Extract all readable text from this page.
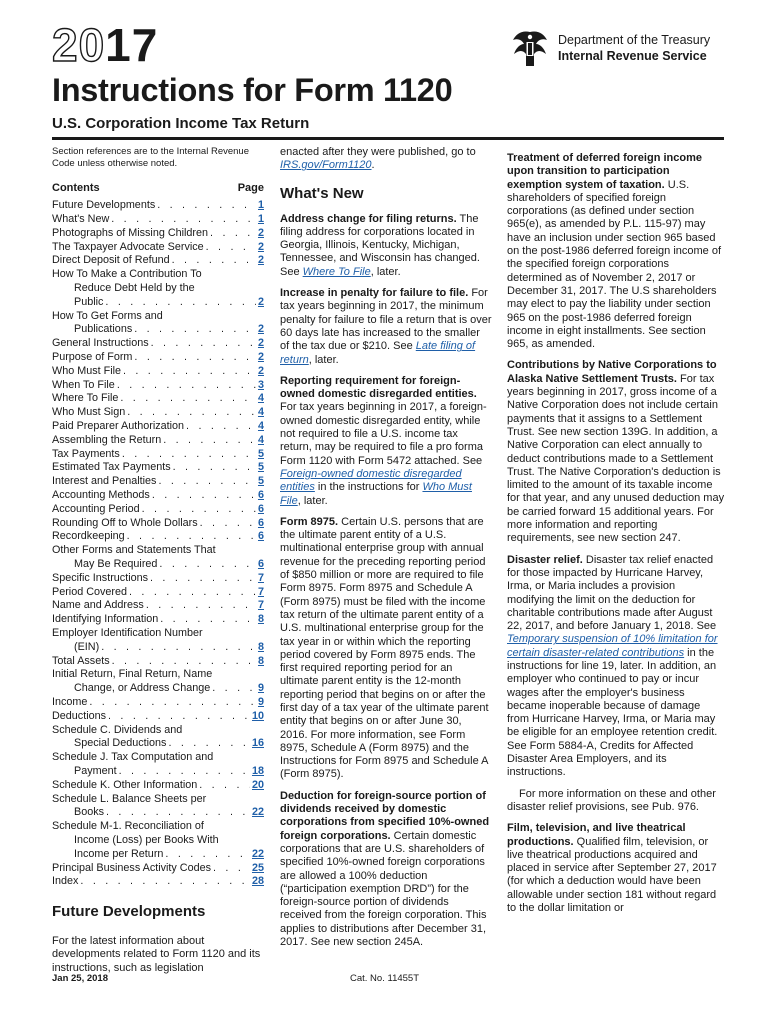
2017	Department of the Treasury
Internal Revenue Service
Instructions for Form 1120
U.S. Corporation Income Tax Return
Section references are to the Internal Revenue Code unless otherwise noted.
Contents	Page
Future Developments . . .	1
What's New . . .	1
Photographs of Missing Children . . .	2
The Taxpayer Advocate Service . . .	2
Direct Deposit of Refund . . .	2
How To Make a Contribution To
Reduce Debt Held by the
Public . . .	2
How To Get Forms and
Publications . . .	2
General Instructions . . .	2
Purpose of Form . . .	2
Who Must File . . .	2
When To File . . .	3
Where To File . . .	4
Who Must Sign . . .	4
Paid Preparer Authorization . . .	4
Assembling the Return . . .	4
Tax Payments . . .	5
Estimated Tax Payments . . .	5
Interest and Penalties . . .	5
Accounting Methods . . .	6
Accounting Period . . .	6
Rounding Off to Whole Dollars . . .	6
Recordkeeping . . .	6
Other Forms and Statements That
May Be Required . . .	6
Specific Instructions . . .	7
Period Covered . . .	7
Name and Address . . .	7
Identifying Information . . .	8
Employer Identification Number
(EIN) . . .	8
Total Assets . . .	8
Initial Return, Final Return, Name
Change, or Address Change . . .	9
Income . . .	9
Deductions . . .	10
Schedule C. Dividends and
Special Deductions . . .	16
Schedule J. Tax Computation and
Payment . . .	18
Schedule K. Other Information . . .	20
Schedule L. Balance Sheets per
Books . . .	22
Schedule M-1. Reconciliation of
Income (Loss) per Books With
Income per Return . . .	22
Principal Business Activity Codes . . .	25
Index . . .	28
Future Developments
For the latest information about developments related to Form 1120 and its instructions, such as legislation
enacted after they were published, go to IRS.gov/Form1120.
What's New
Address change for filing returns. The filing address for corporations located in Georgia, Illinois, Kentucky, Michigan, Tennessee, and Wisconsin has changed. See Where To File, later.
Increase in penalty for failure to file. For tax years beginning in 2017, the minimum penalty for failure to file a return that is over 60 days late has increased to the smaller of the tax due or $210. See Late filing of return, later.
Reporting requirement for foreign-owned domestic disregarded entities. For tax years beginning in 2017, a foreign-owned domestic disregarded entity, while not required to file a U.S. income tax return, may be required to file a pro forma Form 1120 with Form 5472 attached. See Foreign-owned domestic disregarded entities in the instructions for Who Must File, later.
Form 8975. Certain U.S. persons that are the ultimate parent entity of a U.S. multinational enterprise group with annual revenue for the preceding reporting period of $850 million or more are required to file Form 8975. Form 8975 and Schedule A (Form 8975) must be filed with the income tax return of the ultimate parent entity of a U.S. multinational enterprise group for the tax year in or within which the reporting period covered by Form 8975 ends. The first required reporting period for an ultimate parent entity is the 12-month reporting period that begins on or after the first day of a tax year of the ultimate parent entity that begins on or after June 30, 2016. For more information, see Form 8975, Schedule A (Form 8975) and the Instructions for Form 8975 and Schedule A (Form 8975).
Deduction for foreign-source portion of dividends received by domestic corporations from specified 10%-owned foreign corporations. Certain domestic corporations that are U.S. shareholders of specified 10%-owned foreign corporations are allowed a 100% deduction (“participation exemption DRD”) for the foreign-source portion of dividends received from the foreign corporation. This applies to distributions after December 31, 2017. See new section 245A.
Treatment of deferred foreign income upon transition to participation exemption system of taxation. U.S. shareholders of specified foreign corporations (as defined under section 965(e), as amended by P.L. 115-97) may have an inclusion under section 965 based on the post-1986 deferred foreign income of the specified foreign corporations determined as of November 2, 2017 or December 31, 2017. The U.S shareholders may elect to pay the liability under section 965 on the post-1986 deferred foreign income in eight installments. See section 965, as amended.
Contributions by Native Corporations to Alaska Native Settlement Trusts. For tax years beginning in 2017, gross income of a Native Corporation does not include certain payments that it assigns to a Settlement Trust. See new section 139G. In addition, a Native Corporation can elect annually to deduct contributions made to a Settlement Trust. The Native Corporation's deduction is limited to the amount of its taxable income for that year, and any unused deduction may be carried forward 15 additional years. For more information and reporting requirements, see new section 247.
Disaster relief. Disaster tax relief enacted for those impacted by Hurricane Harvey, Irma, or Maria includes a provision modifying the limit on the deduction for charitable contributions made after August 22, 2017, and before January 1, 2018. See Temporary suspension of 10% limitation for certain disaster-related contributions in the instructions for line 19, later. In addition, an employer who continued to pay or incur wages after the employer's business became inoperable because of damage from Hurricane Harvey, Irma, or Maria may be eligible for an employee retention credit. See Form 5884-A, Credits for Affected Disaster Area Employers, and its instructions.
For more information on these and other disaster relief provisions, see Pub. 976.
Film, television, and live theatrical productions. Qualified film, television, or live theatrical productions acquired and placed in service after September 27, 2017 (for which a deduction would have been allowable under section 181 without regard to the dollar limitation or
Jan 25, 2018	Cat. No. 11455T
